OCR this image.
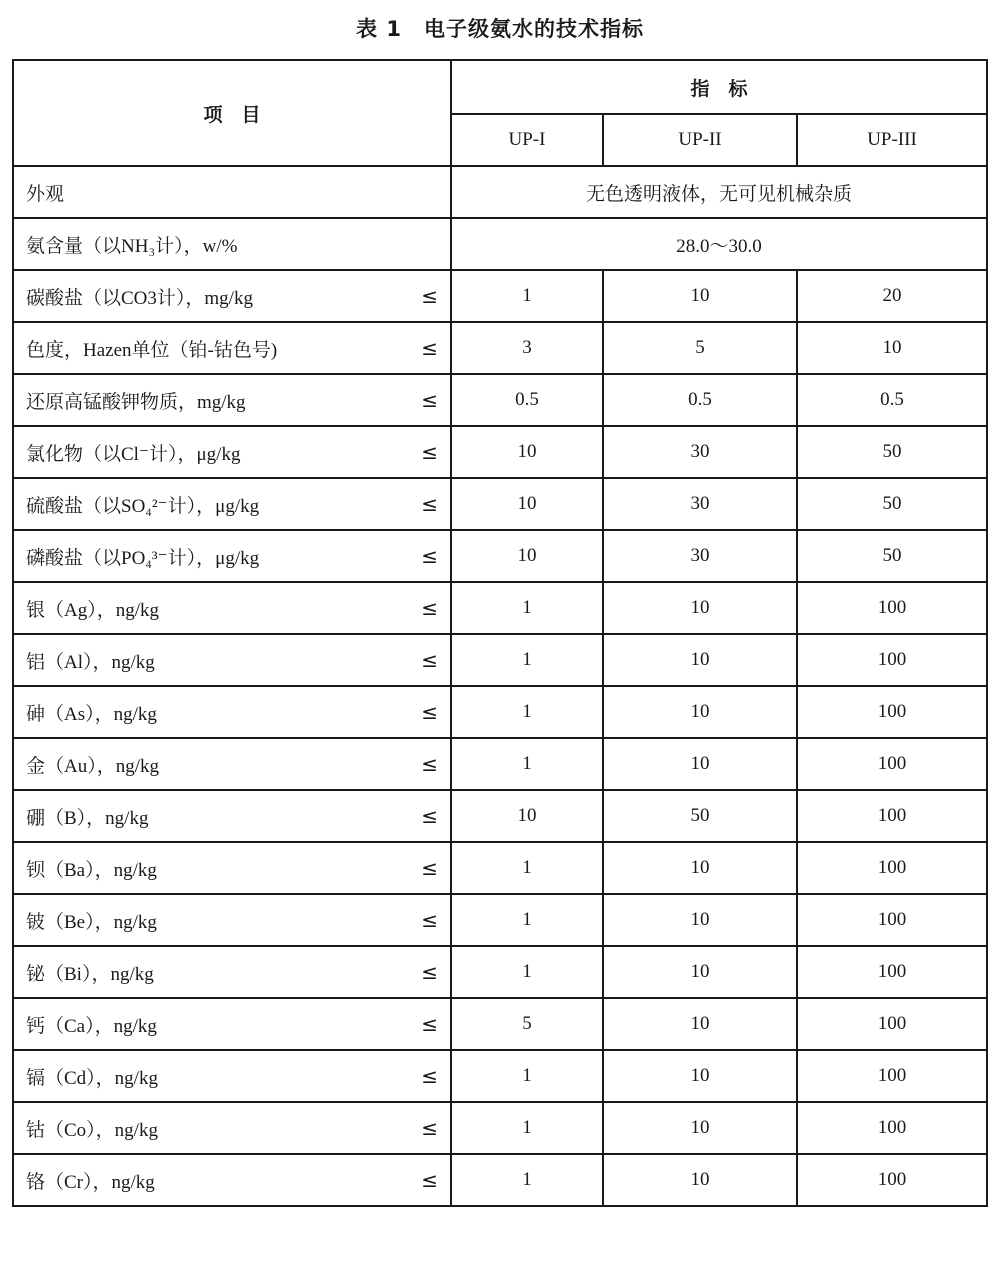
表 1　电子级氨水的技术指标
项　目	指　标		
	UP-I	UP-II	UP-III
外观	无色透明液体，无可见机械杂质		
氨含量（以NH₃计），w/%	28.0～30.0		
碳酸盐（以CO3计），mg/kg ≤	1	10	20
色度，Hazen单位（铂-钴色号) ≤	3	5	10
还原高锰酸钾物质，mg/kg ≤	0.5	0.5	0.5
氯化物（以Cl⁻计），μg/kg ≤	10	30	50
硫酸盐（以SO₄²⁻计），μg/kg ≤	10	30	50
磷酸盐（以PO₄³⁻计），μg/kg ≤	10	30	50
银（Ag），ng/kg ≤	1	10	100
铝（Al），ng/kg ≤	1	10	100
砷（As），ng/kg ≤	1	10	100
金（Au），ng/kg ≤	1	10	100
硼（B），ng/kg ≤	10	50	100
钡（Ba），ng/kg ≤	1	10	100
铍（Be），ng/kg ≤	1	10	100
铋（Bi），ng/kg ≤	1	10	100
钙（Ca），ng/kg ≤	5	10	100
镉（Cd），ng/kg ≤	1	10	100
钴（Co），ng/kg ≤	1	10	100
铬（Cr），ng/kg ≤	1	10	100
